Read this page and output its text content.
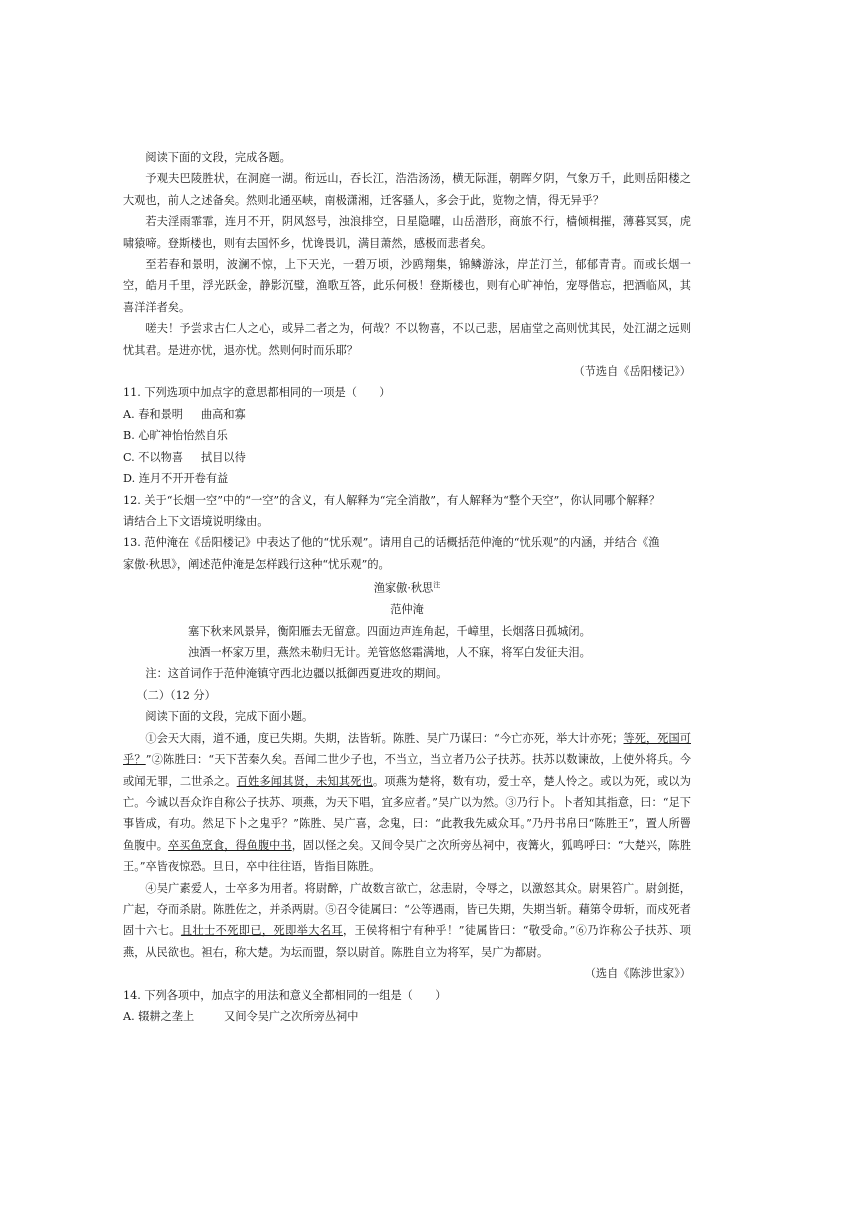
阅读下面的文段，完成各题。

予观夫巴陵胜状，在洞庭一湖。衔远山，吞长江，浩浩汤汤，横无际涯，朝晖夕阴，气象万千，此则岳阳楼之大观也，前人之述备矣。然则北通巫峡，南极潇湘，迁客骚人，多会于此，览物之情，得无异乎？

若夫淫雨霏霏，连月不开，阴风怒号，浊浪排空，日星隐曜，山岳潜形，商旅不行，樯倾楫摧，薄暮冥冥，虎啸猿啼。登斯楼也，则有去国怀乡，忧谗畏讥，满目萧然，感极而悲者矣。

至若春和景明，波澜不惊，上下天光，一碧万顷，沙鸥翔集，锦鳞游泳，岸芷汀兰，郁郁青青。而或长烟一空，皓月千里，浮光跃金，静影沉璧，渔歌互答，此乐何极！登斯楼也，则有心旷神怡，宠辱偕忘，把酒临风，其喜洋洋者矣。

嗟夫！予尝求古仁人之心，或异二者之为，何哉？不以物喜，不以己悲，居庙堂之高则忧其民，处江湖之远则忧其君。是进亦忧，退亦忧。然则何时而乐耶？

（节选自《岳阳楼记》）

11. 下列选项中加点字的意思都相同的一项是（　　）

A. 春和景明 曲高和寡

B. 心旷神怡怡然自乐

C. 不以物喜 拭目以待

D. 连月不开开卷有益

12. 关于“长烟一空”中的“一空”的含义，有人解释为“完全消散”，有人解释为“整个天空”，你认同哪个解释？

请结合上下文语境说明缘由。

13. 范仲淹在《岳阳楼记》中表达了他的“忧乐观”。请用自己的话概括范仲淹的“忧乐观”的内涵，并结合《渔

家傲·秋思》，阐述范仲淹是怎样践行这种“忧乐观”的。

渔家傲·秋思$^注$

范仲淹

塞下秋来风景异，衡阳雁去无留意。四面边声连角起，千嶂里，长烟落日孤城闭。

浊酒一杯家万里，燕然未勒归无计。羌管悠悠霜满地，人不寐，将军白发征夫泪。

注：这首词作于范仲淹镇守西北边疆以抵御西夏进攻的期间。

（二）（12 分）

阅读下面的文段，完成下面小题。

①会天大雨，道不通，度已失期。失期，法皆斩。陈胜、吴广乃谋曰：“今亡亦死，举大计亦死；等死，死国可乎？”②陈胜曰：“天下苦秦久矣。吾闻二世少子也，不当立，当立者乃公子扶苏。扶苏以数谏故，上使外将兵。今或闻无罪，二世杀之。百姓多闻其贤，未知其死也。项燕为楚将，数有功，爱士卒，楚人怜之。或以为死，或以为亡。今诚以吾众诈自称公子扶苏、项燕，为天下唱，宜多应者。”吴广以为然。③乃行卜。卜者知其指意，曰：“足下事皆成，有功。然足下卜之鬼乎？”陈胜、吴广喜，念鬼，曰：“此教我先威众耳。”乃丹书帛曰“陈胜王”，置人所罾鱼腹中。卒买鱼烹食，得鱼腹中书，固以怪之矣。又间令吴广之次所旁丛祠中，夜篝火，狐鸣呼曰：“大楚兴，陈胜王。”卒皆夜惊恐。旦日，卒中往往语，皆指目陈胜。

④吴广素爱人，士卒多为用者。将尉醉，广故数言欲亡，忿恚尉，令辱之，以激怒其众。尉果笞广。尉剑挺，广起，夺而杀尉。陈胜佐之，并杀两尉。⑤召令徒属曰：“公等遇雨，皆已失期，失期当斩。藉第令毋斩，而戍死者固十六七。且壮士不死即已，死即举大名耳，王侯将相宁有种乎！”徒属皆曰：“敬受命。”⑥乃诈称公子扶苏、项燕，从民欲也。袒右，称大楚。为坛而盟，祭以尉首。陈胜自立为将军，吴广为都尉。

（选自《陈涉世家》）

14. 下列各项中，加点字的用法和意义全都相同的一组是（　　）

A. 辍耕之垄上	又间令吴广之次所旁丛祠中
